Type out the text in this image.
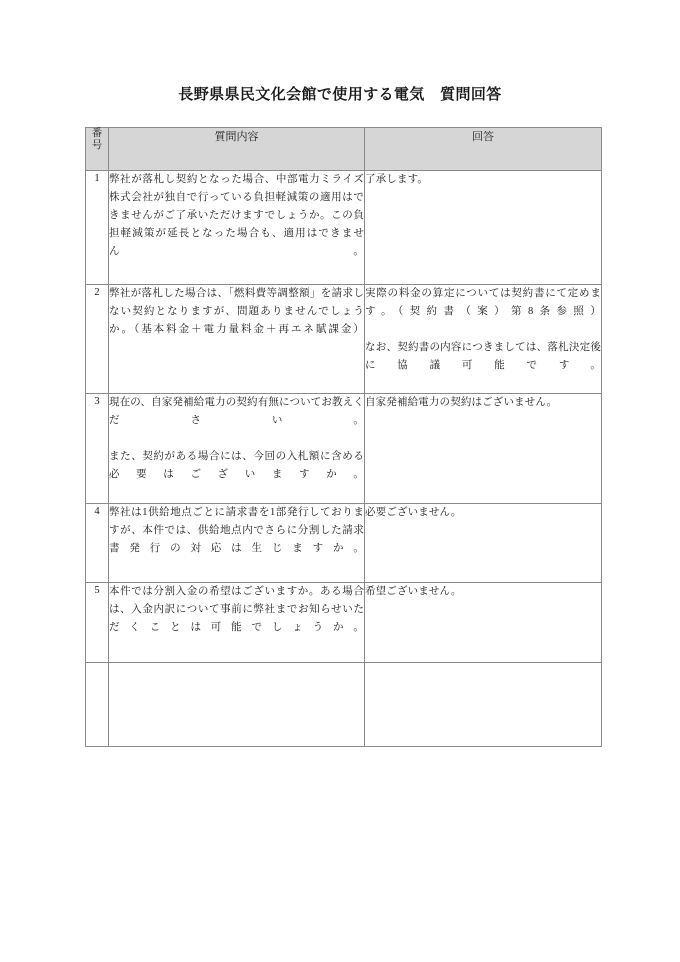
長野県県民文化会館で使用する電気　質問回答
番
号	質問内容	回答
1	弊社が落札し契約となった場合、中部電力ミライズ株式会社が独自で行っている負担軽減策の適用はできませんがご了承いただけますでしょうか。この負担軽減策が延長となった場合も、適用はできません。	了承します。

2	弊社が落札した場合は、「燃料費等調整額」を請求しない契約となりますが、問題ありませんでしょうか。（基本料金＋電力量料金＋再エネ賦課金）	実際の料金の算定については契約書にて定めます。（契約書（案）第8条参照）
なお、契約書の内容につきましては、落札決定後に協議可能です。

3	現在の、自家発補給電力の契約有無についてお教えください。
また、契約がある場合には、今回の入札額に含める必要はございますか。	自家発補給電力の契約はございません。

4	弊社は1供給地点ごとに請求書を1部発行しておりますが、本件では、供給地点内でさらに分割した請求書発行の対応は生じますか。	必要ございません。

5	本件では分割入金の希望はございますか。ある場合は、入金内訳について事前に弊社までお知らせいただくことは可能でしょうか。	希望ございません。
